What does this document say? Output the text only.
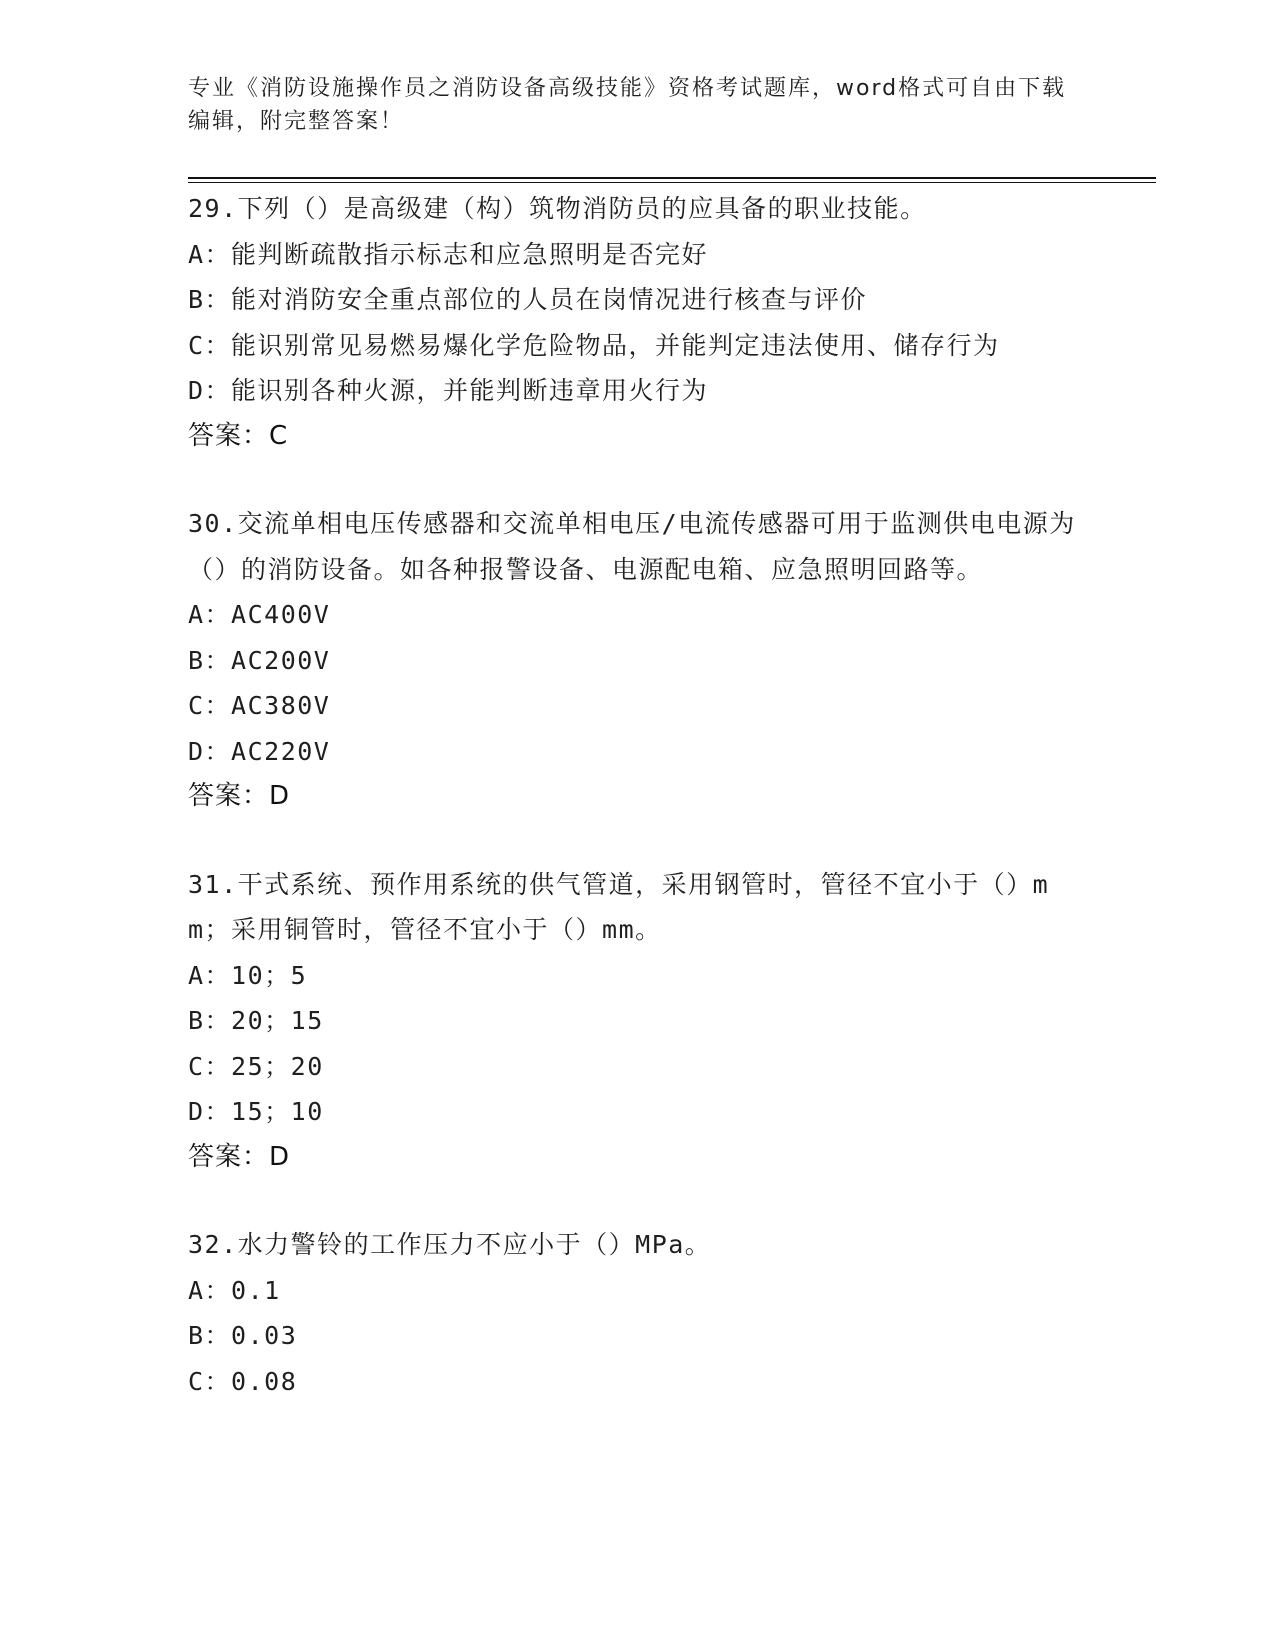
专业《消防设施操作员之消防设备高级技能》资格考试题库，word格式可自由下载编辑，附完整答案！
29.下列（）是高级建（构）筑物消防员的应具备的职业技能。
A：能判断疏散指示标志和应急照明是否完好
B：能对消防安全重点部位的人员在岗情况进行核查与评价
C：能识别常见易燃易爆化学危险物品，并能判定违法使用、储存行为
D：能识别各种火源，并能判断违章用火行为
答案：C
30.交流单相电压传感器和交流单相电压/电流传感器可用于监测供电电源为（）的消防设备。如各种报警设备、电源配电箱、应急照明回路等。
A：AC400V
B：AC200V
C：AC380V
D：AC220V
答案：D
31.干式系统、预作用系统的供气管道，采用钢管时，管径不宜小于（）mm；采用铜管时，管径不宜小于（）mm。
A：10；5
B：20；15
C：25；20
D：15；10
答案：D
32.水力警铃的工作压力不应小于（）MPa。
A：0.1
B：0.03
C：0.08
